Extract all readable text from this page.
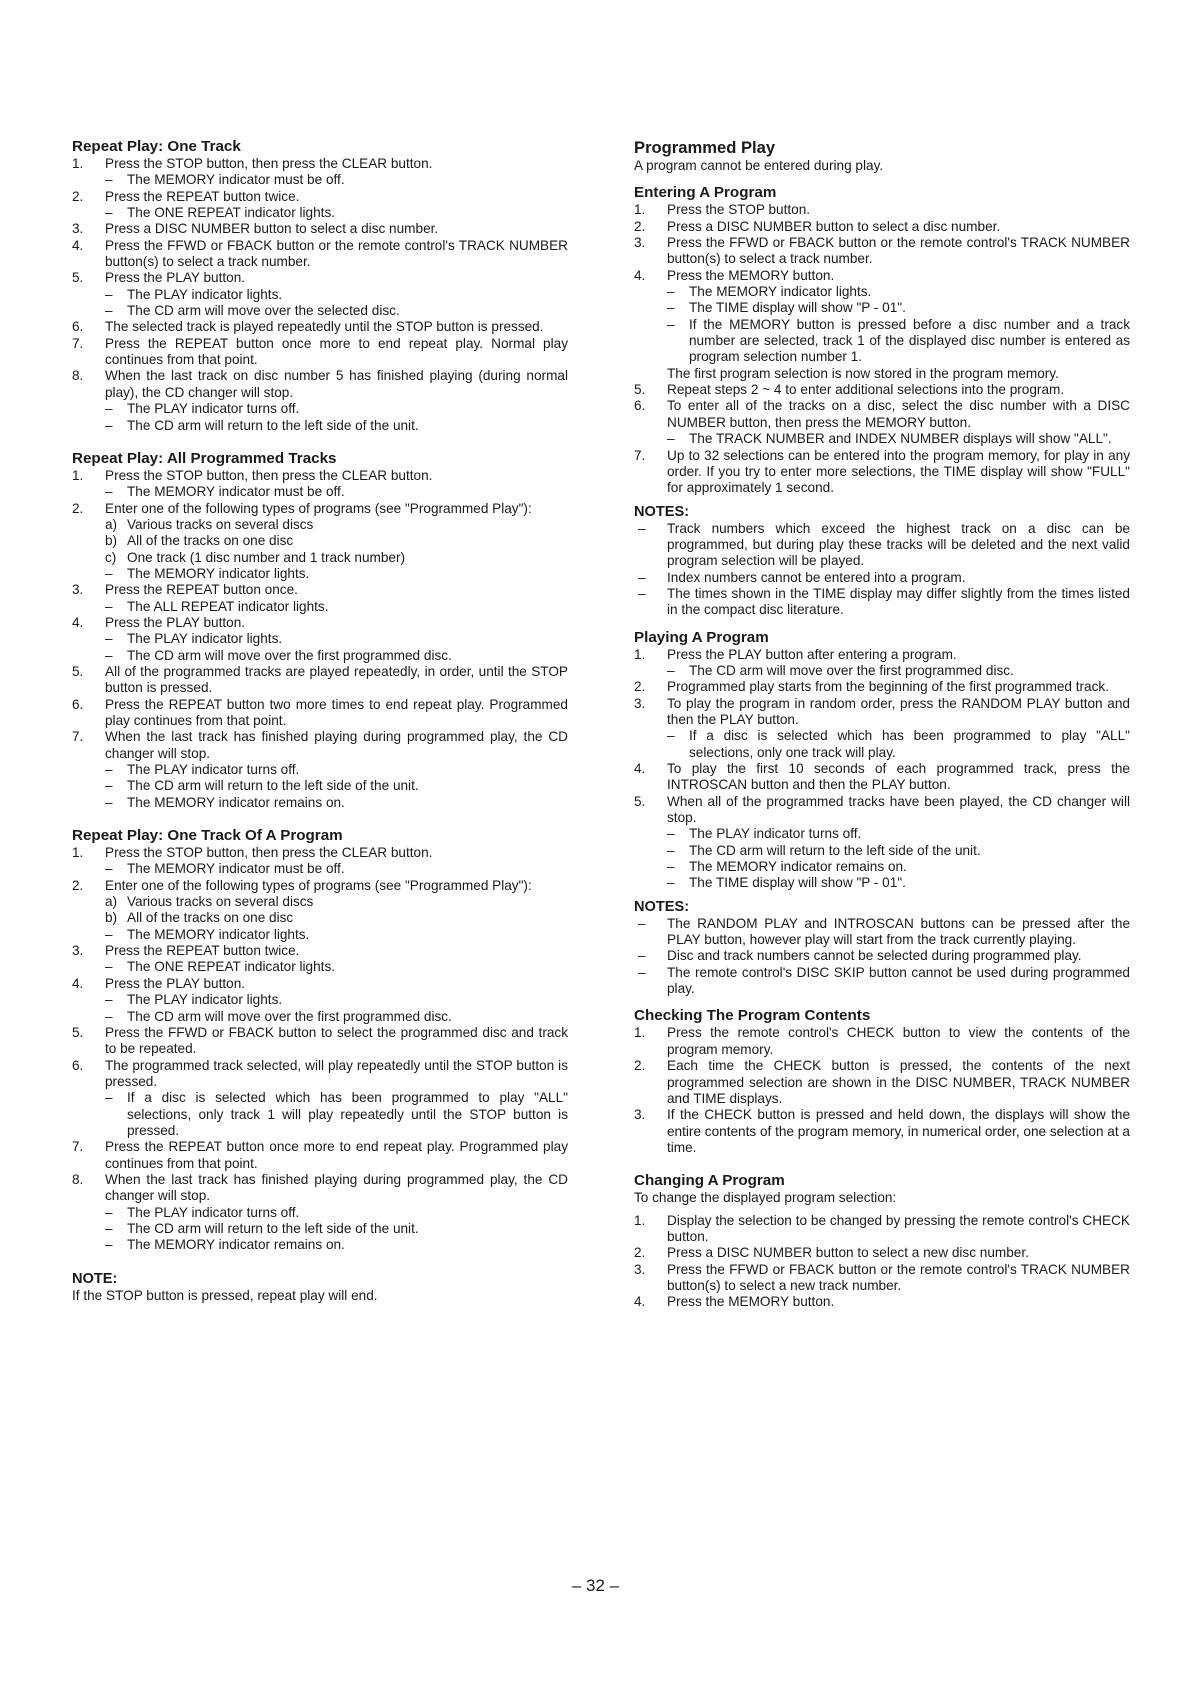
Repeat Play: One Track
1. Press the STOP button, then press the CLEAR button.
– The MEMORY indicator must be off.
2. Press the REPEAT button twice.
– The ONE REPEAT indicator lights.
3. Press a DISC NUMBER button to select a disc number.
4. Press the FFWD or FBACK button or the remote control's TRACK NUMBER button(s) to select a track number.
5. Press the PLAY button.
– The PLAY indicator lights.
– The CD arm will move over the selected disc.
6. The selected track is played repeatedly until the STOP button is pressed.
7. Press the REPEAT button once more to end repeat play. Normal play continues from that point.
8. When the last track on disc number 5 has finished playing (during normal play), the CD changer will stop.
– The PLAY indicator turns off.
– The CD arm will return to the left side of the unit.
Repeat Play: All Programmed Tracks
1. Press the STOP button, then press the CLEAR button.
– The MEMORY indicator must be off.
2. Enter one of the following types of programs (see "Programmed Play"):
a) Various tracks on several discs
b) All of the tracks on one disc
c) One track (1 disc number and 1 track number)
– The MEMORY indicator lights.
3. Press the REPEAT button once.
– The ALL REPEAT indicator lights.
4. Press the PLAY button.
– The PLAY indicator lights.
– The CD arm will move over the first programmed disc.
5. All of the programmed tracks are played repeatedly, in order, until the STOP button is pressed.
6. Press the REPEAT button two more times to end repeat play. Programmed play continues from that point.
7. When the last track has finished playing during programmed play, the CD changer will stop.
– The PLAY indicator turns off.
– The CD arm will return to the left side of the unit.
– The MEMORY indicator remains on.
Repeat Play: One Track Of A Program
1. Press the STOP button, then press the CLEAR button.
– The MEMORY indicator must be off.
2. Enter one of the following types of programs (see "Programmed Play"):
a) Various tracks on several discs
b) All of the tracks on one disc
– The MEMORY indicator lights.
3. Press the REPEAT button twice.
– The ONE REPEAT indicator lights.
4. Press the PLAY button.
– The PLAY indicator lights.
– The CD arm will move over the first programmed disc.
5. Press the FFWD or FBACK button to select the programmed disc and track to be repeated.
6. The programmed track selected, will play repeatedly until the STOP button is pressed.
– If a disc is selected which has been programmed to play "ALL" selections, only track 1 will play repeatedly until the STOP button is pressed.
7. Press the REPEAT button once more to end repeat play. Programmed play continues from that point.
8. When the last track has finished playing during programmed play, the CD changer will stop.
– The PLAY indicator turns off.
– The CD arm will return to the left side of the unit.
– The MEMORY indicator remains on.
NOTE:

If the STOP button is pressed, repeat play will end.

Programmed Play

A program cannot be entered during play.

Entering A Program
1. Press the STOP button.
2. Press a DISC NUMBER button to select a disc number.
3. Press the FFWD or FBACK button or the remote control's TRACK NUMBER button(s) to select a track number.
4. Press the MEMORY button.
– The MEMORY indicator lights.
– The TIME display will show "P - 01".
– If the MEMORY button is pressed before a disc number and a track number are selected, track 1 of the displayed disc number is entered as program selection number 1.
The first program selection is now stored in the program memory.
5. Repeat steps 2 ~ 4 to enter additional selections into the program.
6. To enter all of the tracks on a disc, select the disc number with a DISC NUMBER button, then press the MEMORY button.
– The TRACK NUMBER and INDEX NUMBER displays will show "ALL".
7. Up to 32 selections can be entered into the program memory, for play in any order. If you try to enter more selections, the TIME display will show "FULL" for approximately 1 second.
NOTES:
– Track numbers which exceed the highest track on a disc can be programmed, but during play these tracks will be deleted and the next valid program selection will be played.
– Index numbers cannot be entered into a program.
– The times shown in the TIME display may differ slightly from the times listed in the compact disc literature.
Playing A Program
1. Press the PLAY button after entering a program.
– The CD arm will move over the first programmed disc.
2. Programmed play starts from the beginning of the first programmed track.
3. To play the program in random order, press the RANDOM PLAY button and then the PLAY button.
– If a disc is selected which has been programmed to play "ALL" selections, only one track will play.
4. To play the first 10 seconds of each programmed track, press the INTROSCAN button and then the PLAY button.
5. When all of the programmed tracks have been played, the CD changer will stop.
– The PLAY indicator turns off.
– The CD arm will return to the left side of the unit.
– The MEMORY indicator remains on.
– The TIME display will show "P - 01".
NOTES:
– The RANDOM PLAY and INTROSCAN buttons can be pressed after the PLAY button, however play will start from the track currently playing.
– Disc and track numbers cannot be selected during programmed play.
– The remote control's DISC SKIP button cannot be used during programmed play.
Checking The Program Contents
1. Press the remote control's CHECK button to view the contents of the program memory.
2. Each time the CHECK button is pressed, the contents of the next programmed selection are shown in the DISC NUMBER, TRACK NUMBER and TIME displays.
3. If the CHECK button is pressed and held down, the displays will show the entire contents of the program memory, in numerical order, one selection at a time.
Changing A Program

To change the displayed program selection:

1. Display the selection to be changed by pressing the remote control's CHECK button.
2. Press a DISC NUMBER button to select a new disc number.
3. Press the FFWD or FBACK button or the remote control's TRACK NUMBER button(s) to select a new track number.
4. Press the MEMORY button.
– 32 –
